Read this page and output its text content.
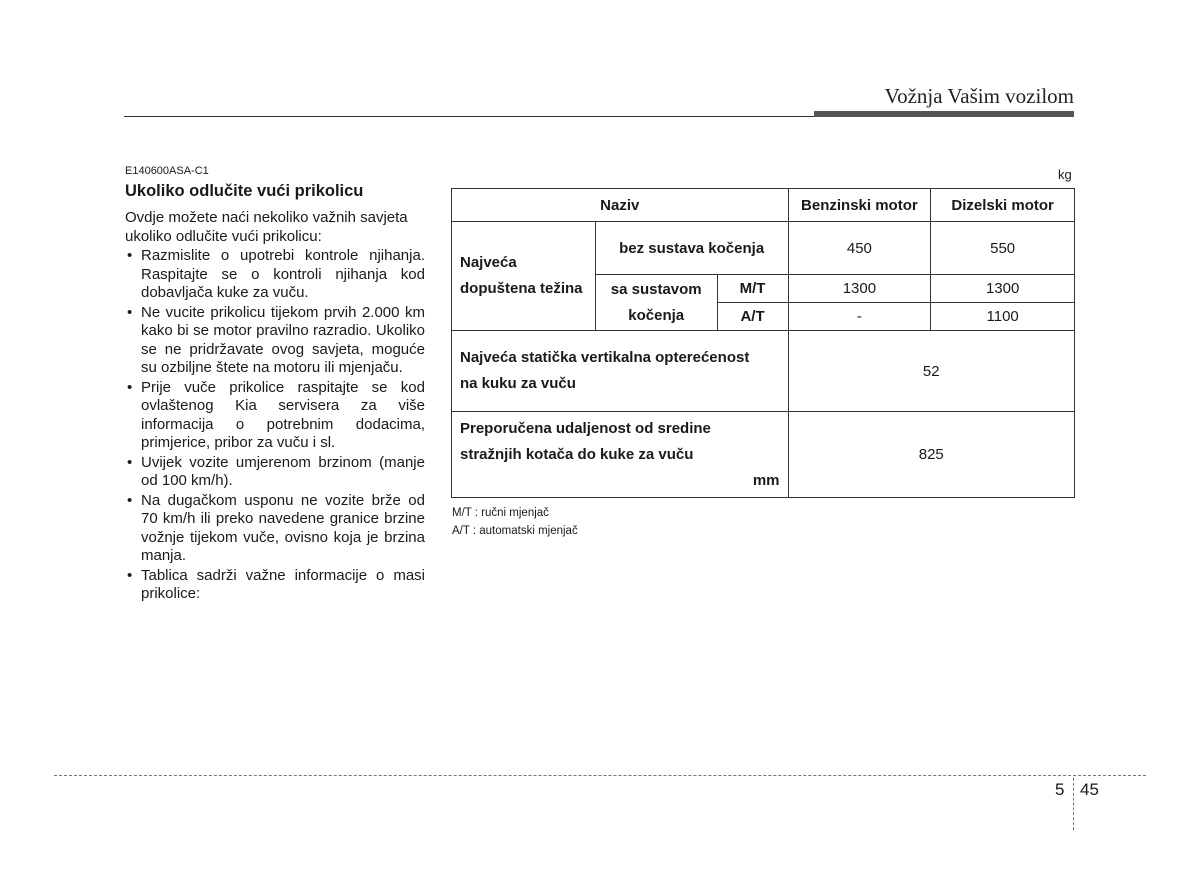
Vožnja Vašim vozilom
E140600ASA-C1
Ukoliko odlučite vući prikolicu
Ovdje možete naći nekoliko važnih savjeta ukoliko odlučite vući prikolicu:
• Razmislite o upotrebi kontrole njihanja. Raspitajte se o kontroli njihanja kod dobavljača kuke za vuču.
• Ne vucite prikolicu tijekom prvih 2.000 km kako bi se motor pravilno razradio. Ukoliko se ne pridržavate ovog savjeta, moguće su ozbiljne štete na motoru ili mjenjaču.
• Prije vuče prikolice raspitajte se kod ovlaštenog Kia servisera za više informacija o potrebnim dodacima, primjerice, pribor za vuču i sl.
• Uvijek vozite umjerenom brzinom (manje od 100 km/h).
• Na dugačkom usponu ne vozite brže od 70 km/h ili preko navedene granice brzine vožnje tijekom vuče, ovisno koja je brzina manja.
• Tablica sadrži važne informacije o masi prikolice:
kg
Naziv			Benzinski motor	Dizelski motor

Najveća
dopuštena težina	bez sustava kočenja		450	550

	sa sustavom
kočenja	M/T	1300	1300
		A/T	-	1100

Najveća statička vertikalna opterećenost
na kuku za vuču			52	

Preporučena udaljenost od sredine
stražnjih kotača do kuke za vuču
mm			825	
M/T : ručni mjenjač
A/T : automatski mjenjač
5 45
